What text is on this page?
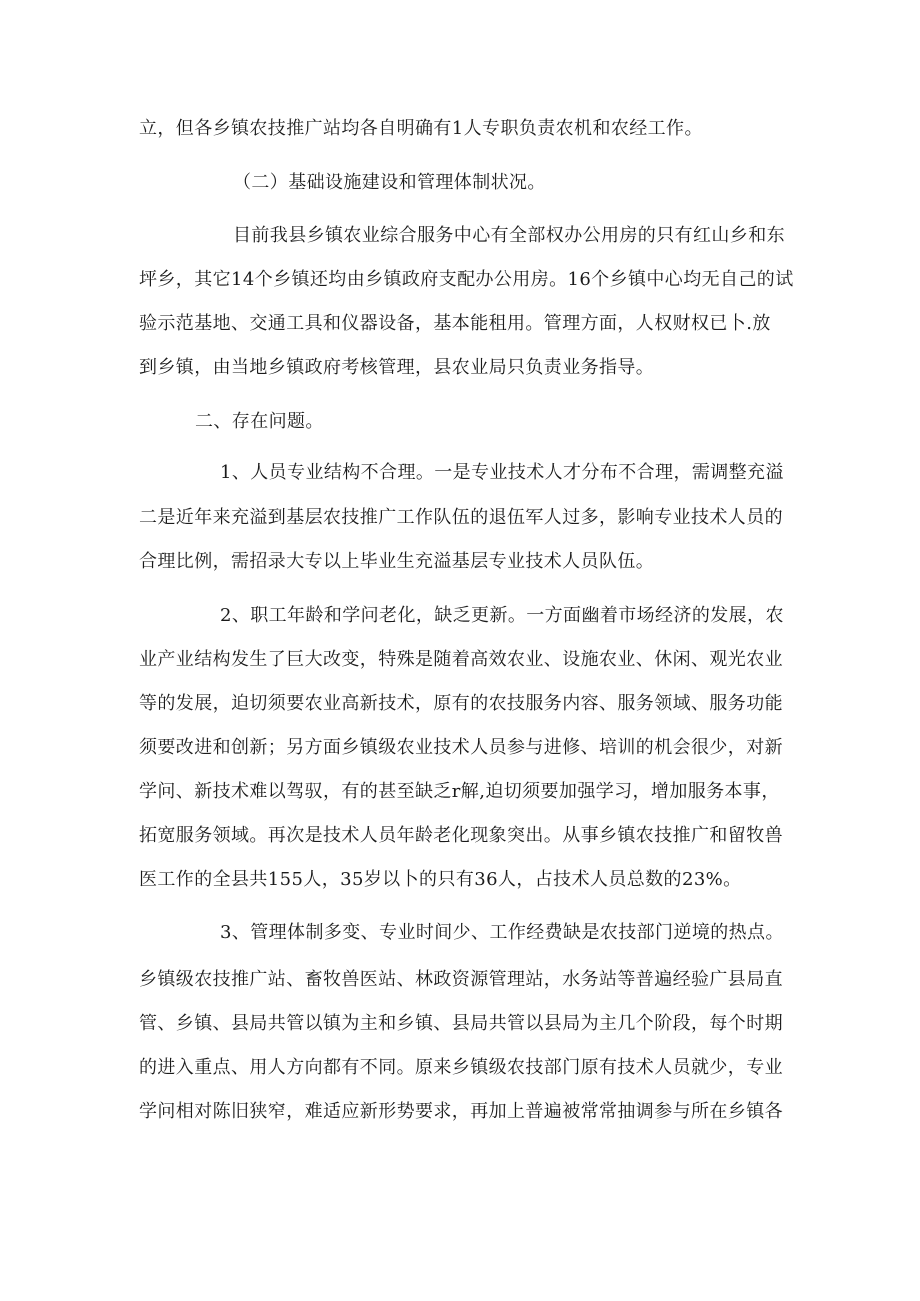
立，但各乡镇农技推广站均各自明确有1人专职负责农机和农经工作。
（二）基础设施建设和管理体制状况。
目前我县乡镇农业综合服务中心有全部权办公用房的只有红山乡和东
坪乡，其它14个乡镇还均由乡镇政府支配办公用房。16个乡镇中心均无自己的试
验示范基地、交通工具和仪器设备，基本能租用。管理方面，人权财权已卜.放
到乡镇，由当地乡镇政府考核管理，县农业局只负责业务指导。
二、存在问题。
1、人员专业结构不合理。一是专业技术人才分布不合理，需调整充溢
二是近年来充溢到基层农技推广工作队伍的退伍军人过多，影响专业技术人员的
合理比例，需招录大专以上毕业生充溢基层专业技术人员队伍。
2、职工年龄和学问老化，缺乏更新。一方面幽着市场经济的发展，农
业产业结构发生了巨大改变，特殊是随着高效农业、设施农业、休闲、观光农业
等的发展，迫切须要农业高新技术，原有的农技服务内容、服务领域、服务功能
须要改进和创新；另方面乡镇级农业技术人员参与进修、培训的机会很少，对新
学问、新技术难以驾驭，有的甚至缺乏r解,迫切须要加强学习，增加服务本事，
拓宽服务领域。再次是技术人员年龄老化现象突出。从事乡镇农技推广和留牧兽
医工作的全县共155人，35岁以卜的只有36人，占技术人员总数的23%。
3、管理体制多变、专业时间少、工作经费缺是农技部门逆境的热点。
乡镇级农技推广站、畜牧兽医站、林政资源管理站，水务站等普遍经验广县局直
管、乡镇、县局共管以镇为主和乡镇、县局共管以县局为主几个阶段，每个时期
的进入重点、用人方向都有不同。原来乡镇级农技部门原有技术人员就少，专业
学问相对陈旧狭窄，难适应新形势要求，再加上普遍被常常抽调参与所在乡镇各
